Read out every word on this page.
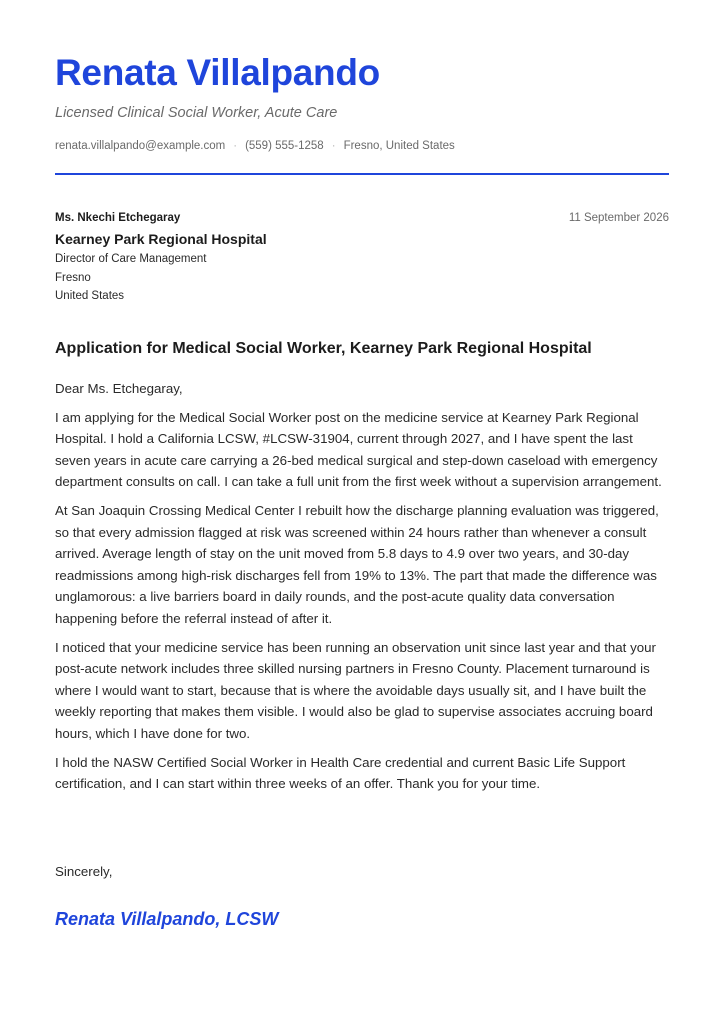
Renata Villalpando
Licensed Clinical Social Worker, Acute Care
renata.villalpando@example.com · (559) 555-1258 · Fresno, United States
Ms. Nkechi Etchegaray	11 September 2026
Kearney Park Regional Hospital
Director of Care Management
Fresno
United States
Application for Medical Social Worker, Kearney Park Regional Hospital

Dear Ms. Etchegaray,

I am applying for the Medical Social Worker post on the medicine service at Kearney Park Regional Hospital. I hold a California LCSW, #LCSW-31904, current through 2027, and I have spent the last seven years in acute care carrying a 26-bed medical surgical and step-down caseload with emergency department consults on call. I can take a full unit from the first week without a supervision arrangement.

At San Joaquin Crossing Medical Center I rebuilt how the discharge planning evaluation was triggered, so that every admission flagged at risk was screened within 24 hours rather than whenever a consult arrived. Average length of stay on the unit moved from 5.8 days to 4.9 over two years, and 30-day readmissions among high-risk discharges fell from 19% to 13%. The part that made the difference was unglamorous: a live barriers board in daily rounds, and the post-acute quality data conversation happening before the referral instead of after it.

I noticed that your medicine service has been running an observation unit since last year and that your post-acute network includes three skilled nursing partners in Fresno County. Placement turnaround is where I would want to start, because that is where the avoidable days usually sit, and I have built the weekly reporting that makes them visible. I would also be glad to supervise associates accruing board hours, which I have done for two.

I hold the NASW Certified Social Worker in Health Care credential and current Basic Life Support certification, and I can start within three weeks of an offer. Thank you for your time.

Sincerely,
Renata Villalpando, LCSW
